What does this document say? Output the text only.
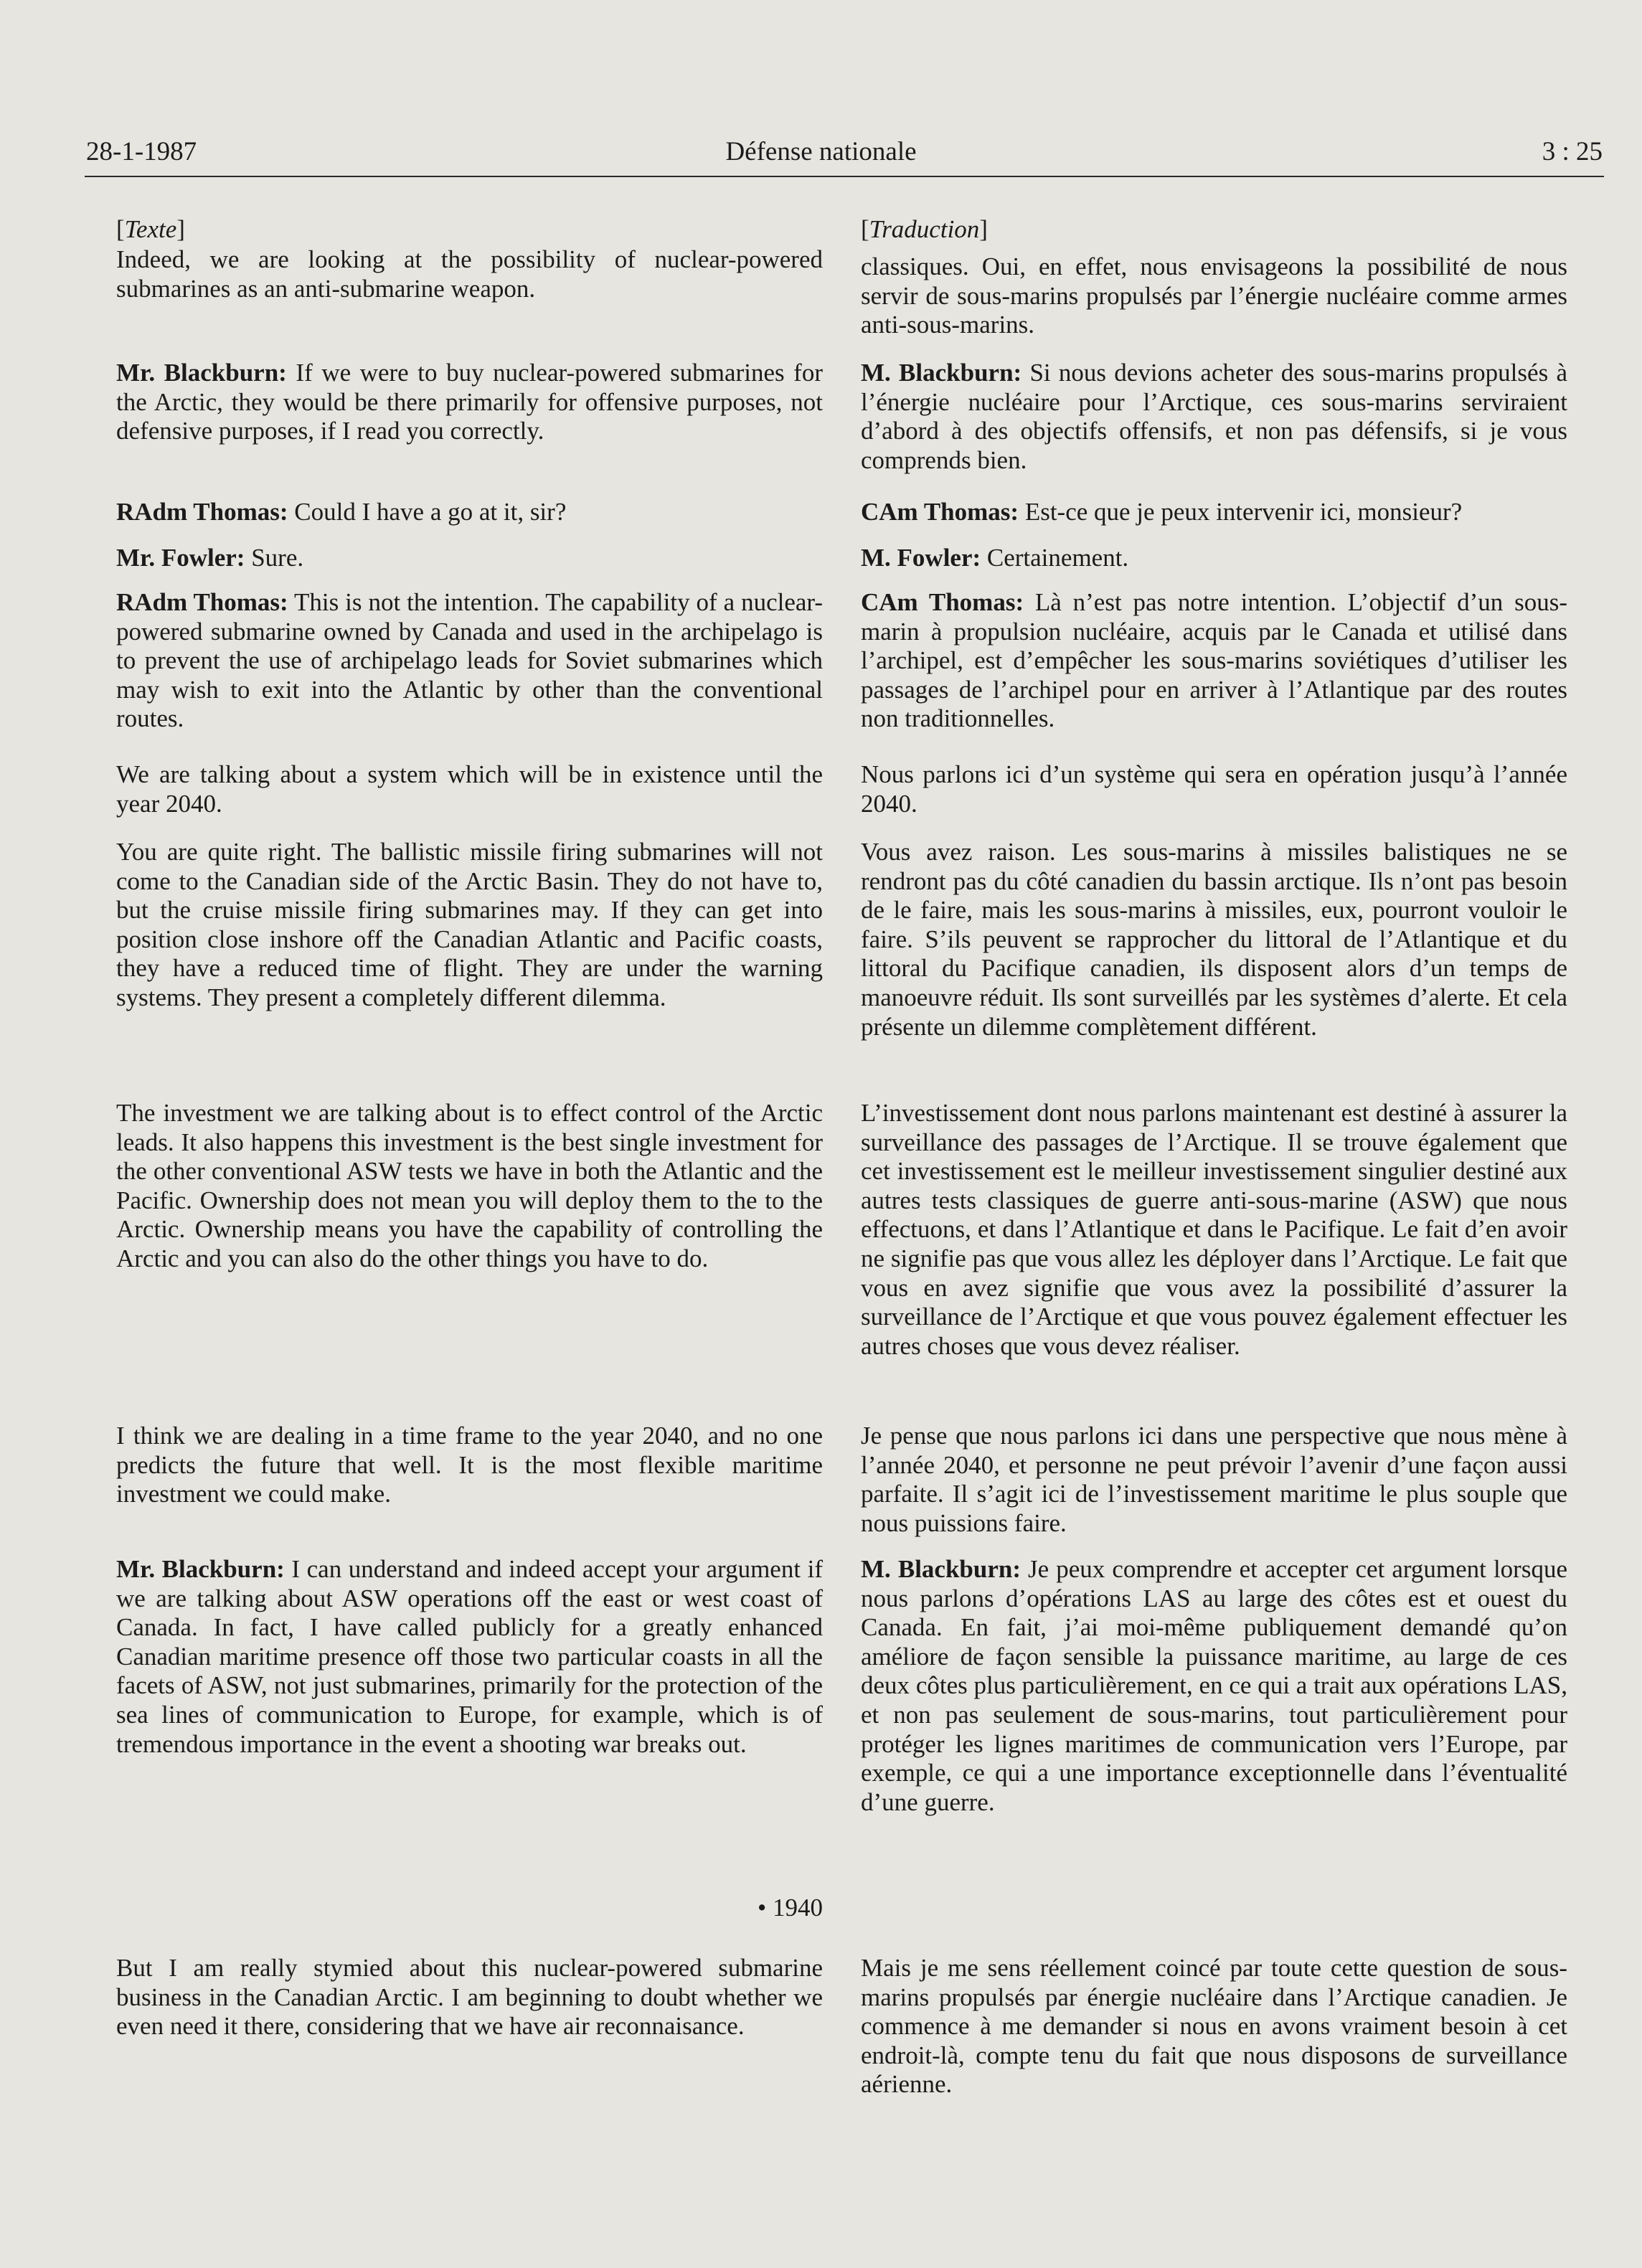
28-1-1987	Défense nationale	3 : 25

[Texte]

Indeed, we are looking at the possibility of nuclear-powered submarines as an anti-submarine weapon.

Mr. Blackburn: If we were to buy nuclear-powered submarines for the Arctic, they would be there primarily for offensive purposes, not defensive purposes, if I read you correctly.

RAdm Thomas: Could I have a go at it, sir?

Mr. Fowler: Sure.

RAdm Thomas: This is not the intention. The capability of a nuclear-powered submarine owned by Canada and used in the archipelago is to prevent the use of archipelago leads for Soviet submarines which may wish to exit into the Atlantic by other than the conventional routes.

We are talking about a system which will be in existence until the year 2040.

You are quite right. The ballistic missile firing submarines will not come to the Canadian side of the Arctic Basin. They do not have to, but the cruise missile firing submarines may. If they can get into position close inshore off the Canadian Atlantic and Pacific coasts, they have a reduced time of flight. They are under the warning systems. They present a completely different dilemma.

The investment we are talking about is to effect control of the Arctic leads. It also happens this investment is the best single investment for the other conventional ASW tests we have in both the Atlantic and the Pacific. Ownership does not mean you will deploy them to the to the Arctic. Ownership means you have the capability of controlling the Arctic and you can also do the other things you have to do.

I think we are dealing in a time frame to the year 2040, and no one predicts the future that well. It is the most flexible maritime investment we could make.

Mr. Blackburn: I can understand and indeed accept your argument if we are talking about ASW operations off the east or west coast of Canada. In fact, I have called publicly for a greatly enhanced Canadian maritime presence off those two particular coasts in all the facets of ASW, not just submarines, primarily for the protection of the sea lines of communication to Europe, for example, which is of tremendous importance in the event a shooting war breaks out.

• 1940

But I am really stymied about this nuclear-powered submarine business in the Canadian Arctic. I am beginning to doubt whether we even need it there, considering that we have air reconnaisance.

[Traduction]

classiques. Oui, en effet, nous envisageons la possibilité de nous servir de sous-marins propulsés par l’énergie nucléaire comme armes anti-sous-marins.

M. Blackburn: Si nous devions acheter des sous-marins propulsés à l’énergie nucléaire pour l’Arctique, ces sous-marins serviraient d’abord à des objectifs offensifs, et non pas défensifs, si je vous comprends bien.

CAm Thomas: Est-ce que je peux intervenir ici, monsieur?

M. Fowler: Certainement.

CAm Thomas: Là n’est pas notre intention. L’objectif d’un sous-marin à propulsion nucléaire, acquis par le Canada et utilisé dans l’archipel, est d’empêcher les sous-marins soviétiques d’utiliser les passages de l’archipel pour en arriver à l’Atlantique par des routes non traditionnelles.

Nous parlons ici d’un système qui sera en opération jusqu’à l’année 2040.

Vous avez raison. Les sous-marins à missiles balistiques ne se rendront pas du côté canadien du bassin arctique. Ils n’ont pas besoin de le faire, mais les sous-marins à missiles, eux, pourront vouloir le faire. S’ils peuvent se rapprocher du littoral de l’Atlantique et du littoral du Pacifique canadien, ils disposent alors d’un temps de manoeuvre réduit. Ils sont surveillés par les systèmes d’alerte. Et cela présente un dilemme complètement différent.

L’investissement dont nous parlons maintenant est destiné à assurer la surveillance des passages de l’Arctique. Il se trouve également que cet investissement est le meilleur investissement singulier destiné aux autres tests classiques de guerre anti-sous-marine (ASW) que nous effectuons, et dans l’Atlantique et dans le Pacifique. Le fait d’en avoir ne signifie pas que vous allez les déployer dans l’Arctique. Le fait que vous en avez signifie que vous avez la possibilité d’assurer la surveillance de l’Arctique et que vous pouvez également effectuer les autres choses que vous devez réaliser.

Je pense que nous parlons ici dans une perspective que nous mène à l’année 2040, et personne ne peut prévoir l’avenir d’une façon aussi parfaite. Il s’agit ici de l’investissement maritime le plus souple que nous puissions faire.

M. Blackburn: Je peux comprendre et accepter cet argument lorsque nous parlons d’opérations LAS au large des côtes est et ouest du Canada. En fait, j’ai moi-même publiquement demandé qu’on améliore de façon sensible la puissance maritime, au large de ces deux côtes plus particulièrement, en ce qui a trait aux opérations LAS, et non pas seulement de sous-marins, tout particulièrement pour protéger les lignes maritimes de communication vers l’Europe, par exemple, ce qui a une importance exceptionnelle dans l’éventualité d’une guerre.

Mais je me sens réellement coincé par toute cette question de sous-marins propulsés par énergie nucléaire dans l’Arctique canadien. Je commence à me demander si nous en avons vraiment besoin à cet endroit-là, compte tenu du fait que nous disposons de surveillance aérienne.
